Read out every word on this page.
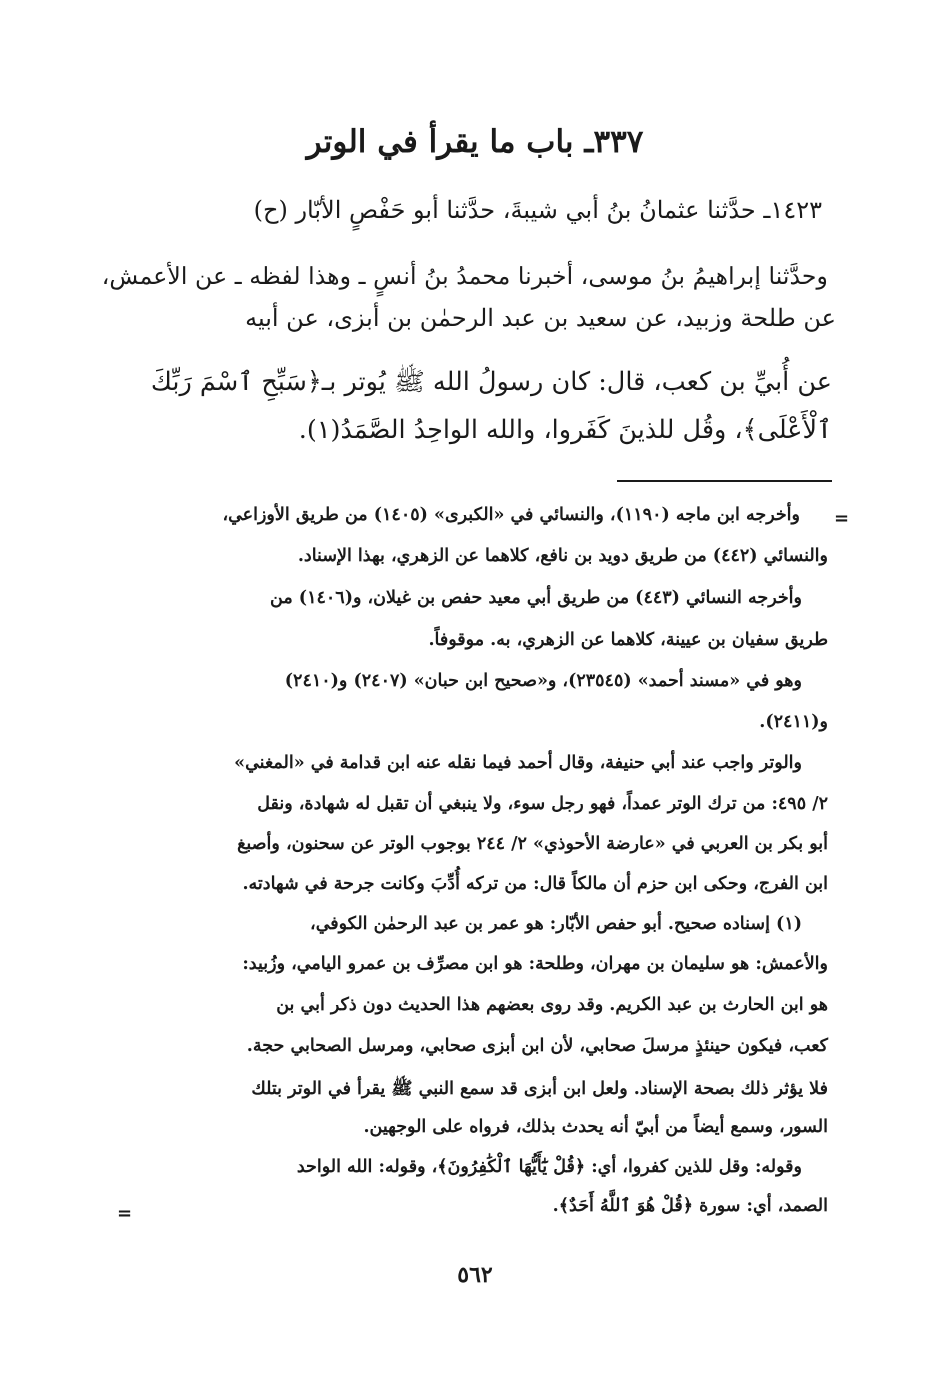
٣٣٧ـ باب ما يقرأ في الوتر
١٤٢٣ـ حدَّثنا عثمانُ بنُ أبي شيبةَ، حدَّثنا أبو حَفْصٍ الأبّار (ح)
وحدَّثنا إبراهيمُ بنُ موسى، أخبرنا محمدُ بنُ أنسٍ ـ وهذا لفظه ـ عن الأعمش،
عن طلحة وزبيد، عن سعيد بن عبد الرحمٰن بن أبزى، عن أبيه
عن أُبيِّ بن كعب، قال: كان رسولُ الله ﷺ يُوتر بـ﴿سَبِّحِ ٱسْمَ رَبِّكَ
ٱلْأَعْلَى﴾، وقُل للذينَ كَفَروا، والله الواحِدُ الصَّمَدُ(١).
=
وأخرجه ابن ماجه (١١٩٠)، والنسائي في «الكبرى» (١٤٠٥) من طريق الأوزاعي،
والنسائي (٤٤٢) من طريق دويد بن نافع، كلاهما عن الزهري، بهذا الإسناد.
وأخرجه النسائي (٤٤٣) من طريق أبي معيد حفص بن غيلان، و(١٤٠٦) من
طريق سفيان بن عيينة، كلاهما عن الزهري، به. موقوفاً.
وهو في «مسند أحمد» (٢٣٥٤٥)، و«صحيح ابن حبان» (٢٤٠٧) و(٢٤١٠)
و(٢٤١١).
والوتر واجب عند أبي حنيفة، وقال أحمد فيما نقله عنه ابن قدامة في «المغني»
٢/ ٤٩٥: من ترك الوتر عمداً، فهو رجل سوء، ولا ينبغي أن تقبل له شهادة، ونقل
أبو بكر بن العربي في «عارضة الأحوذي» ٢/ ٢٤٤ بوجوب الوتر عن سحنون، وأصبغ
ابن الفرج، وحكى ابن حزم أن مالكاً قال: من تركه أُدِّبَ وكانت جرحة في شهادته.
(١) إسناده صحيح. أبو حفص الأبّار: هو عمر بن عبد الرحمٰن الكوفي،
والأعمش: هو سليمان بن مهران، وطلحة: هو ابن مصرِّف بن عمرو اليامي، وزُبيد:
هو ابن الحارث بن عبد الكريم. وقد روى بعضهم هذا الحديث دون ذكر أبي بن
كعب، فيكون حينئذٍ مرسلَ صحابي، لأن ابن أبزى صحابي، ومرسل الصحابي حجة.
فلا يؤثر ذلك بصحة الإسناد. ولعل ابن أبزى قد سمع النبي ﷺ يقرأ في الوتر بتلك
السور، وسمع أيضاً من أبيّ أنه يحدث بذلك، فرواه على الوجهين.
وقوله: وقل للذين كفروا، أي: ﴿قُلْ يَٰٓأَيُّهَا ٱلْكَٰفِرُونَ﴾، وقوله: الله الواحد
الصمد، أي: سورة ﴿قُلْ هُوَ ٱللَّهُ أَحَدٌ﴾.
=
٥٦٢
